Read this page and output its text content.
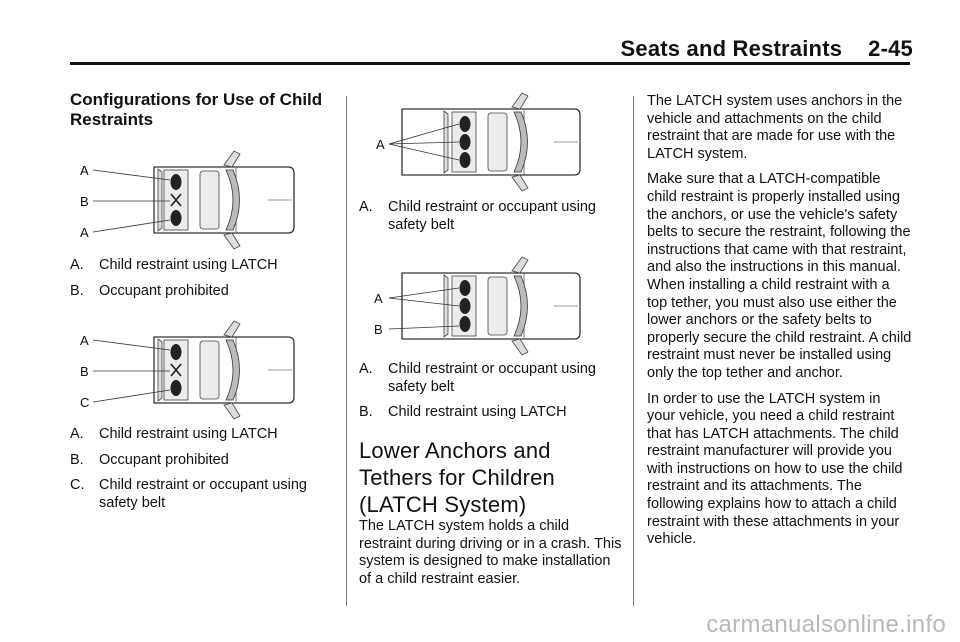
Seats and Restraints 2-45
Configurations for Use of Child Restraints
A
B
A
A. Child restraint using LATCH
B. Occupant prohibited
A
B
C
A. Child restraint using LATCH
B. Occupant prohibited
C. Child restraint or occupant using safety belt
A
A. Child restraint or occupant using safety belt
A
B
A. Child restraint or occupant using safety belt
B. Child restraint using LATCH
Lower Anchors and Tethers for Children (LATCH System)

The LATCH system holds a child restraint during driving or in a crash. This system is designed to make installation of a child restraint easier.

The LATCH system uses anchors in the vehicle and attachments on the child restraint that are made for use with the LATCH system.

Make sure that a LATCH-compatible child restraint is properly installed using the anchors, or use the vehicle's safety belts to secure the restraint, following the instructions that came with that restraint, and also the instructions in this manual. When installing a child restraint with a top tether, you must also use either the lower anchors or the safety belts to properly secure the child restraint. A child restraint must never be installed using only the top tether and anchor.

In order to use the LATCH system in your vehicle, you need a child restraint that has LATCH attachments. The child restraint manufacturer will provide you with instructions on how to use the child restraint and its attachments. The following explains how to attach a child restraint with these attachments in your vehicle.

carmanualsonline.info
